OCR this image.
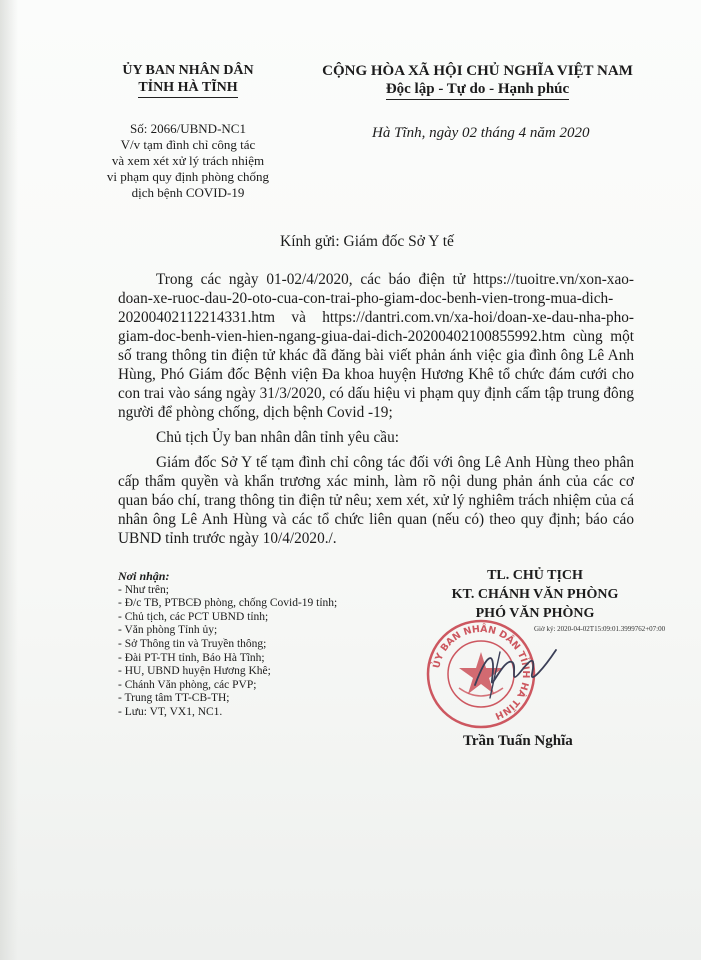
ỦY BAN NHÂN DÂN
TỈNH HÀ TĨNH
CỘNG HÒA XÃ HỘI CHỦ NGHĨA VIỆT NAM
Độc lập - Tự do - Hạnh phúc
Số: 2066/UBND-NC1
V/v tạm đình chỉ công tác
và xem xét xử lý trách nhiệm
vi phạm quy định phòng chống
dịch bệnh COVID-19
Hà Tĩnh, ngày 02 tháng 4 năm 2020
Kính gửi: Giám đốc Sở Y tế

Trong các ngày 01-02/4/2020, các báo điện tử https://tuoitre.vn/xon-xao-doan-xe-ruoc-dau-20-oto-cua-con-trai-pho-giam-doc-benh-vien-trong-mua-dich-20200402112214331.htm và https://dantri.com.vn/xa-hoi/doan-xe-dau-nha-pho-giam-doc-benh-vien-hien-ngang-giua-dai-dich-20200402100855992.htm cùng một số trang thông tin điện tử khác đã đăng bài viết phản ánh việc gia đình ông Lê Anh Hùng, Phó Giám đốc Bệnh viện Đa khoa huyện Hương Khê tổ chức đám cưới cho con trai vào sáng ngày 31/3/2020, có dấu hiệu vi phạm quy định cấm tập trung đông người để phòng chống, dịch bệnh Covid -19;

Chủ tịch Ủy ban nhân dân tỉnh yêu cầu:

Giám đốc Sở Y tế tạm đình chỉ công tác đối với ông Lê Anh Hùng theo phân cấp thẩm quyền và khẩn trương xác minh, làm rõ nội dung phản ánh của các cơ quan báo chí, trang thông tin điện tử nêu; xem xét, xử lý nghiêm trách nhiệm của cá nhân ông Lê Anh Hùng và các tổ chức liên quan (nếu có) theo quy định; báo cáo UBND tỉnh trước ngày 10/4/2020./.

Nơi nhận:
- Như trên;
- Đ/c TB, PTBCĐ phòng, chống Covid-19 tỉnh;
- Chủ tịch, các PCT UBND tỉnh;
- Văn phòng Tỉnh ủy;
- Sở Thông tin và Truyền thông;
- Đài PT-TH tỉnh, Báo Hà Tĩnh;
- HU, UBND huyện Hương Khê;
- Chánh Văn phòng, các PVP;
- Trung tâm TT-CB-TH;
- Lưu: VT, VX1, NC1.
TL. CHỦ TỊCH
KT. CHÁNH VĂN PHÒNG
PHÓ VĂN PHÒNG
Giờ ký: 2020-04-02T15:09:01.3999762+07:00
ỦY BAN NHÂN DÂN TỈNH HÀ TĨNH
Trần Tuấn Nghĩa
